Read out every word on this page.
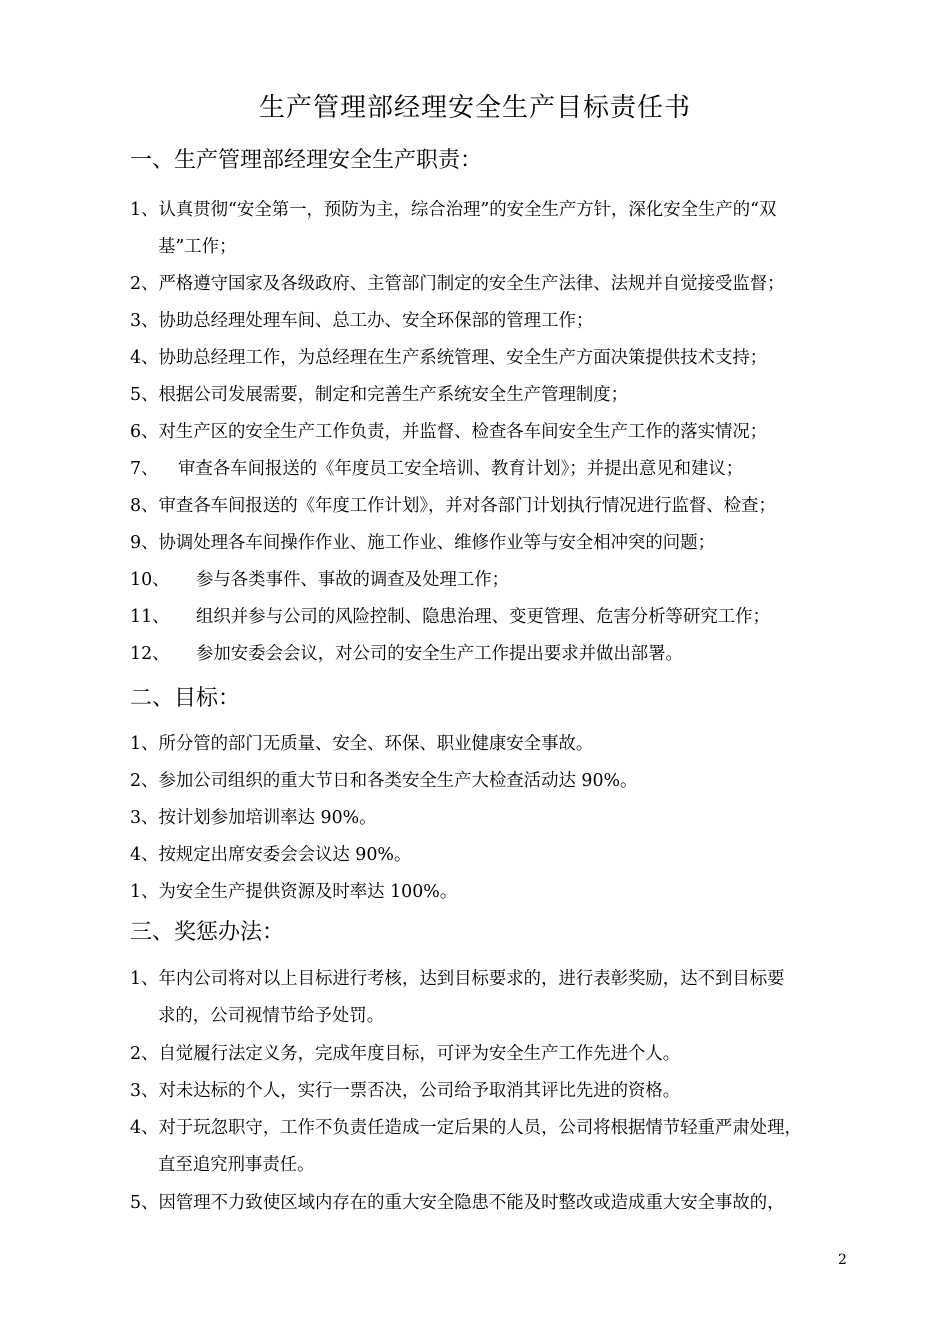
生产管理部经理安全生产目标责任书
一、生产管理部经理安全生产职责：
1、认真贯彻“安全第一，预防为主，综合治理”的安全生产方针，深化安全生产的“双
基”工作；
2、严格遵守国家及各级政府、主管部门制定的安全生产法律、法规并自觉接受监督；
3、协助总经理处理车间、总工办、安全环保部的管理工作；
4、协助总经理工作，为总经理在生产系统管理、安全生产方面决策提供技术支持；
5、根据公司发展需要，制定和完善生产系统安全生产管理制度；
6、对生产区的安全生产工作负责，并监督、检查各车间安全生产工作的落实情况；
7、 审查各车间报送的《年度员工安全培训、教育计划》；并提出意见和建议；
8、审查各车间报送的《年度工作计划》，并对各部门计划执行情况进行监督、检查；
9、协调处理各车间操作作业、施工作业、维修作业等与安全相冲突的问题；
10、 参与各类事件、事故的调查及处理工作；
11、 组织并参与公司的风险控制、隐患治理、变更管理、危害分析等研究工作；
12、 参加安委会会议，对公司的安全生产工作提出要求并做出部署。
二、目标：
1、所分管的部门无质量、安全、环保、职业健康安全事故。
2、参加公司组织的重大节日和各类安全生产大检查活动达 90%。
3、按计划参加培训率达 90%。
4、按规定出席安委会会议达 90%。
1、为安全生产提供资源及时率达 100%。
三、奖惩办法：
1、年内公司将对以上目标进行考核，达到目标要求的，进行表彰奖励，达不到目标要
求的，公司视情节给予处罚。
2、自觉履行法定义务，完成年度目标，可评为安全生产工作先进个人。
3、对未达标的个人，实行一票否决，公司给予取消其评比先进的资格。
4、对于玩忽职守，工作不负责任造成一定后果的人员，公司将根据情节轻重严肃处理，
直至追究刑事责任。
5、因管理不力致使区域内存在的重大安全隐患不能及时整改或造成重大安全事故的，
2
